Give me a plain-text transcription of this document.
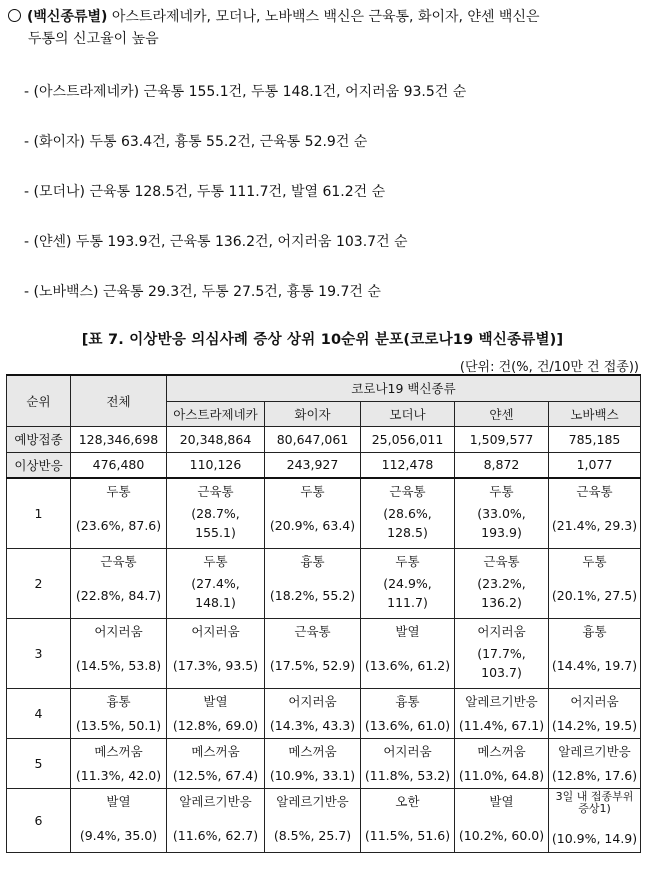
(백신종류별) 아스트라제네카, 모더나, 노바백스 백신은 근육통, 화이자, 얀센 백신은
두통의 신고율이 높음
- (아스트라제네카) 근육통 155.1건, 두통 148.1건, 어지러움 93.5건 순
- (화이자) 두통 63.4건, 흉통 55.2건, 근육통 52.9건 순
- (모더나) 근육통 128.5건, 두통 111.7건, 발열 61.2건 순
- (얀센) 두통 193.9건, 근육통 136.2건, 어지러움 103.7건 순
- (노바백스) 근육통 29.3건, 두통 27.5건, 흉통 19.7건 순
[표 7. 이상반응 의심사례 증상 상위 10순위 분포(코로나19 백신종류별)]
(단위: 건(%, 건/10만 건 접종))
순위	전체	코로나19 백신종류				
		아스트라제네카	화이자	모더나	얀센	노바백스
예방접종	128,346,698	20,348,864	80,647,061	25,056,011	1,509,577	785,185
이상반응	476,480	110,126	243,927	112,478	8,872	1,077
1	두통
(23.6%, 87.6)	근육통
(28.7%,
155.1)	두통
(20.9%, 63.4)	근육통
(28.6%,
128.5)	두통
(33.0%,
193.9)	근육통
(21.4%, 29.3)

2	근육통
(22.8%, 84.7)	두통
(27.4%,
148.1)	흉통
(18.2%, 55.2)	두통
(24.9%,
111.7)	근육통
(23.2%,
136.2)	두통
(20.1%, 27.5)

3	어지러움
(14.5%, 53.8)	어지러움
(17.3%, 93.5)	근육통
(17.5%, 52.9)	발열
(13.6%, 61.2)	어지러움
(17.7%,
103.7)	흉통
(14.4%, 19.7)

4	흉통
(13.5%, 50.1)	발열
(12.8%, 69.0)	어지러움
(14.3%, 43.3)	흉통
(13.6%, 61.0)	알레르기반응
(11.4%, 67.1)	어지러움
(14.2%, 19.5)

5	메스꺼움
(11.3%, 42.0)	메스꺼움
(12.5%, 67.4)	메스꺼움
(10.9%, 33.1)	어지러움
(11.8%, 53.2)	메스꺼움
(11.0%, 64.8)	알레르기반응
(12.8%, 17.6)

6	발열
(9.4%, 35.0)	알레르기반응
(11.6%, 62.7)	알레르기반응
(8.5%, 25.7)	오한
(11.5%, 51.6)	발열
(10.2%, 60.0)	3일 내 접종부위 증상1)
(10.9%, 14.9)
